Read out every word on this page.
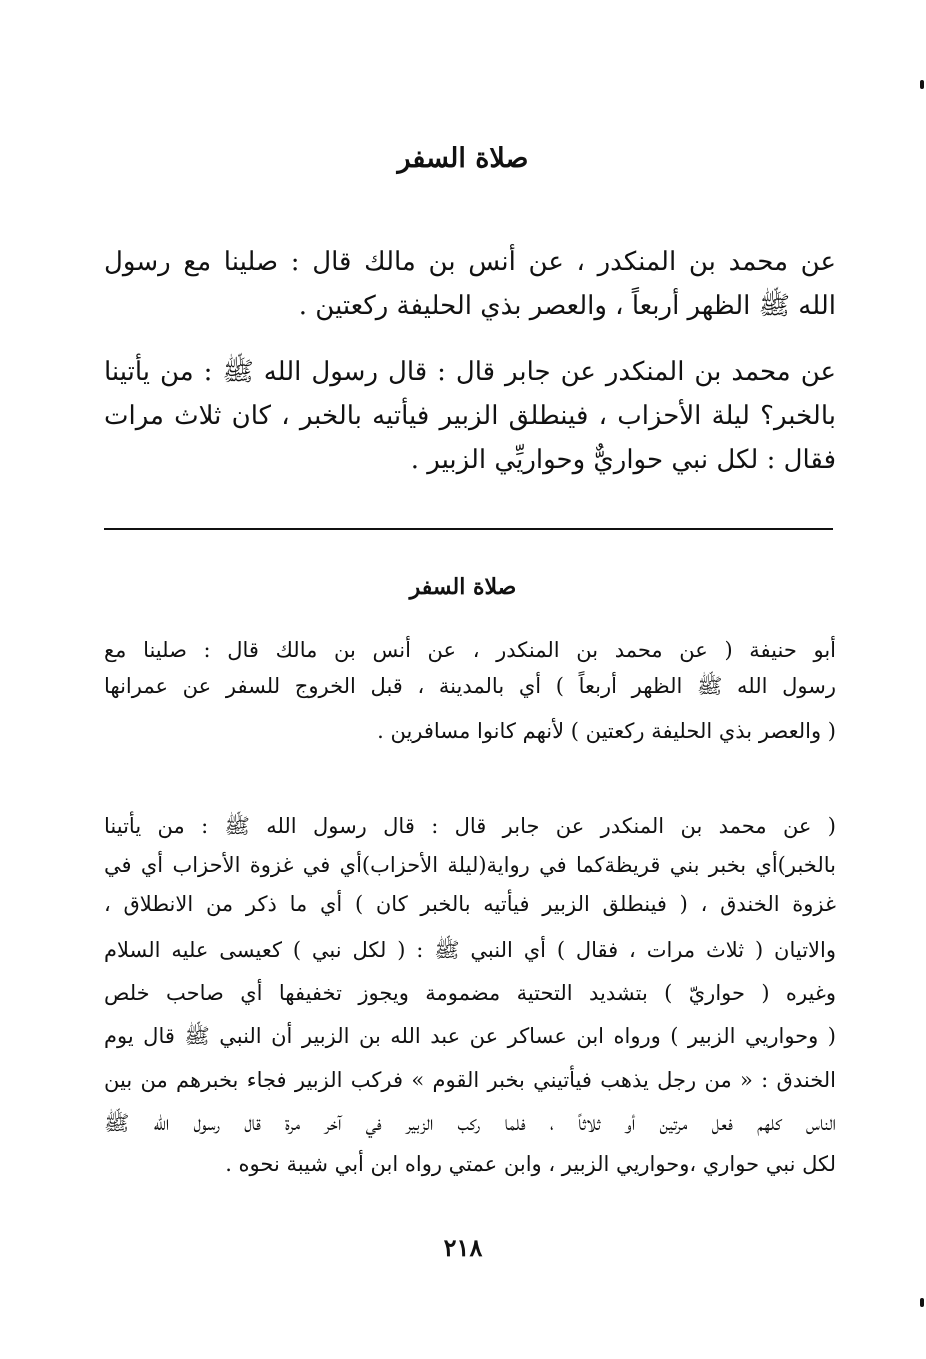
صلاة السفر
عن محمد بن المنكدر ، عن أنس بن مالك قال : صلينا مع رسول
الله ﷺ الظهر أربعاً ، والعصر بذي الحليفة ركعتين .
عن محمد بن المنكدر عن جابر قال : قال رسول الله ﷺ : من يأتينا
بالخبر؟ ليلة الأحزاب ، فينطلق الزبير فيأتيه بالخبر ، كان ثلاث مرات
فقال : لكل نبي حواريٌّ وحواريِّي الزبير .
صلاة السفر
أبو حنيفة ( عن محمد بن المنكدر ، عن أنس بن مالك قال : صلينا مع
رسول الله ﷺ الظهر أربعاً ) أي بالمدينة ، قبل الخروج للسفر عن عمرانها
( والعصر بذي الحليفة ركعتين ) لأنهم كانوا مسافرين .
( عن محمد بن المنكدر عن جابر قال : قال رسول الله ﷺ : من يأتينا
بالخبر)أي بخبر بني قريظةكما في رواية(ليلة الأحزاب)أي في غزوة الأحزاب أي في
غزوة الخندق ، ( فينطلق الزبير فيأتيه بالخبر كان ) أي ما ذكر من الانطلاق ،
والاتيان ( ثلاث مرات ، فقال ) أي النبي ﷺ : ( لكل نبي ) كعيسى عليه السلام
وغيره ( حواريّ ) بتشديد التحتية مضمومة ويجوز تخفيفها أي صاحب خلص
( وحواريي الزبير ) ورواه ابن عساكر عن عبد الله بن الزبير أن النبي ﷺ قال يوم
الخندق : « من رجل يذهب فيأتيني بخبر القوم » فركب الزبير فجاء بخبرهم من بين
الناس كلهم فعل مرتين أو ثلاثاً ، فلما ركب الزبير في آخر مرة قال رسول الله ﷺ
لكل نبي حواري ،وحواريي الزبير ، وابن عمتي رواه ابن أبي شيبة نحوه .
٢١٨
